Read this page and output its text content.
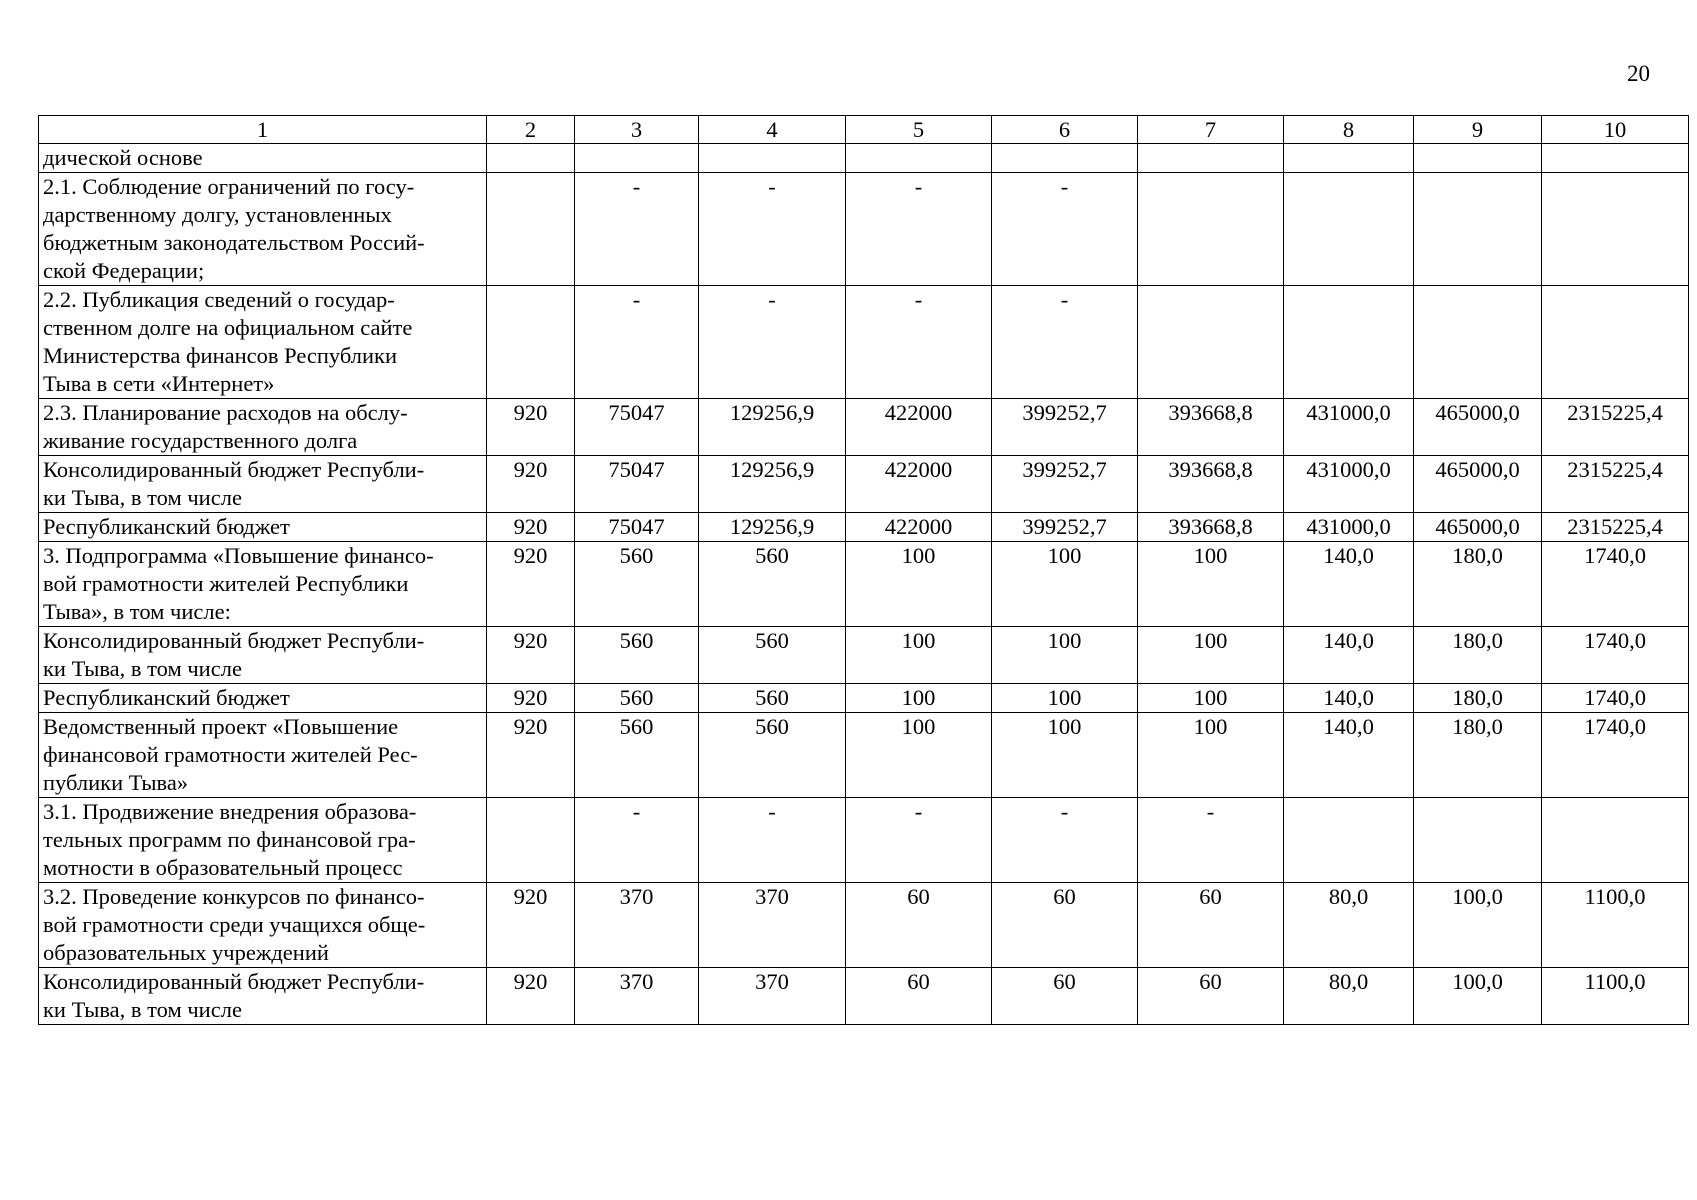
20
1	2	3	4	5	6	7	8	9	10
дической основе									
2.1. Соблюдение ограничений по госу-
дарственному долгу, установленных
бюджетным законодательством Россий-
ской Федерации;		-	-	-	-				
2.2. Публикация сведений о государ-
ственном долге на официальном сайте
Министерства финансов Республики
Тыва в сети «Интернет»		-	-	-	-				
2.3. Планирование расходов на обслу-
живание государственного долга	920	75047	129256,9	422000	399252,7	393668,8	431000,0	465000,0	2315225,4
Консолидированный бюджет Республи-
ки Тыва, в том числе	920	75047	129256,9	422000	399252,7	393668,8	431000,0	465000,0	2315225,4
Республиканский бюджет	920	75047	129256,9	422000	399252,7	393668,8	431000,0	465000,0	2315225,4
3. Подпрограмма «Повышение финансо-
вой грамотности жителей Республики
Тыва», в том числе:	920	560	560	100	100	100	140,0	180,0	1740,0
Консолидированный бюджет Республи-
ки Тыва, в том числе	920	560	560	100	100	100	140,0	180,0	1740,0
Республиканский бюджет	920	560	560	100	100	100	140,0	180,0	1740,0
Ведомственный проект «Повышение
финансовой грамотности жителей Рес-
публики Тыва»	920	560	560	100	100	100	140,0	180,0	1740,0
3.1. Продвижение внедрения образова-
тельных программ по финансовой гра-
мотности в образовательный процесс		-	-	-	-	-			
3.2. Проведение конкурсов по финансо-
вой грамотности среди учащихся обще-
образовательных учреждений	920	370	370	60	60	60	80,0	100,0	1100,0
Консолидированный бюджет Республи-
ки Тыва, в том числе	920	370	370	60	60	60	80,0	100,0	1100,0
